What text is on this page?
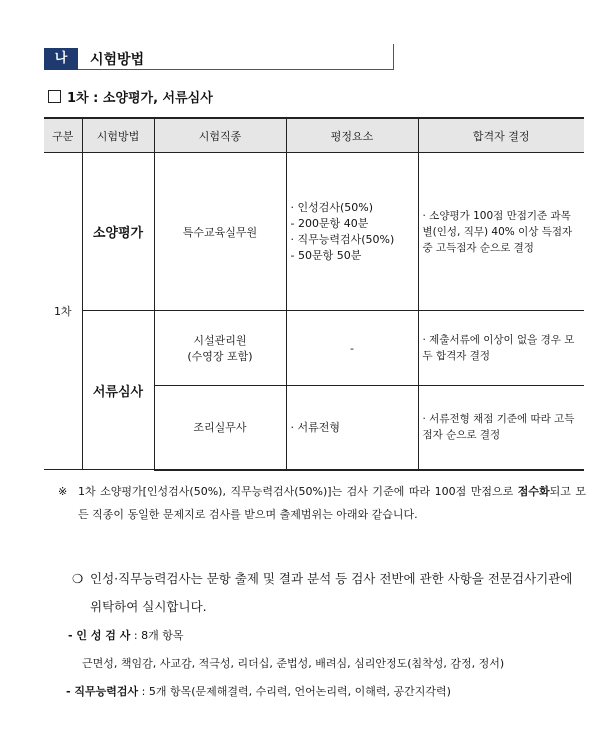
나	시험방법
1차 : 소양평가, 서류심사
구분	시험방법	시험직종	평정요소	합격자 결정
1차	소양평가	특수교육실무원	· 인성검사(50%)
- 200문항 40분
· 직무능력검사(50%)
- 50문항 50분	· 소양평가 100점 만점기준 과목별(인성, 직무) 40% 이상 득점자 중 고득점자 순으로 결정
	서류심사	시설관리원
(수영장 포함)	-	· 제출서류에 이상이 없을 경우 모두 합격자 결정
		조리실무사	· 서류전형	· 서류전형 채점 기준에 따라 고득점자 순으로 결정
※ 1차 소양평가[인성검사(50%), 직무능력검사(50%)]는 검사 기준에 따라 100점 만점으로 점수화되고 모든 직종이 동일한 문제지로 검사를 받으며 출제범위는 아래와 같습니다.
❍ 인성·직무능력검사는 문항 출제 및 결과 분석 등 검사 전반에 관한 사항을 전문검사기관에 위탁하여 실시합니다.
- 인 성 검 사 : 8개 항목
근면성, 책임감, 사교감, 적극성, 리더십, 준법성, 배려심, 심리안정도(침착성, 감정, 정서)
- 직무능력검사 : 5개 항목(문제해결력, 수리력, 언어논리력, 이해력, 공간지각력)
